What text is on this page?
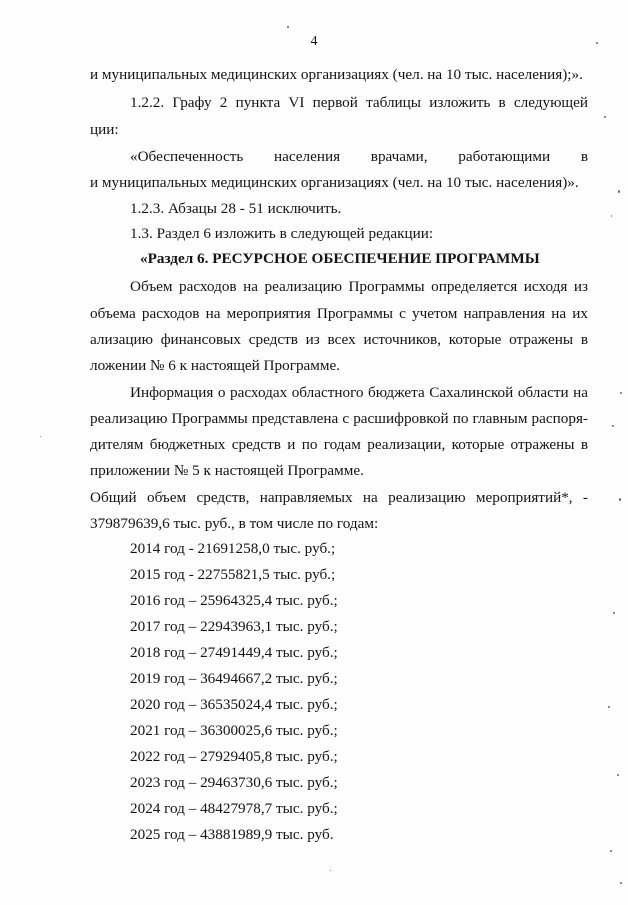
4
и муниципальных медицинских организациях (чел. на 10 тыс. населения);».
1.2.2. Графу 2 пункта VI первой таблицы изложить в следующей
ции:
«Обеспеченность населения врачами, работающими в
и муниципальных медицинских организациях (чел. на 10 тыс. населения)».
1.2.3. Абзацы 28 - 51 исключить.
1.3. Раздел 6 изложить в следующей редакции:
«Раздел 6. РЕСУРСНОЕ ОБЕСПЕЧЕНИЕ ПРОГРАММЫ
Объем расходов на реализацию Программы определяется исходя из
объема расходов на мероприятия Программы с учетом направления на их
ализацию финансовых средств из всех источников, которые отражены в
ложении № 6 к настоящей Программе.
Информация о расходах областного бюджета Сахалинской области на
реализацию Программы представлена с расшифровкой по главным распоря-
дителям бюджетных средств и по годам реализации, которые отражены в
приложении № 5 к настоящей Программе.
Общий объем средств, направляемых на реализацию мероприятий*, -
379879639,6 тыс. руб., в том числе по годам:
2014 год - 21691258,0 тыс. руб.;
2015 год - 22755821,5 тыс. руб.;
2016 год – 25964325,4 тыс. руб.;
2017 год – 22943963,1 тыс. руб.;
2018 год – 27491449,4 тыс. руб.;
2019 год – 36494667,2 тыс. руб.;
2020 год – 36535024,4 тыс. руб.;
2021 год – 36300025,6 тыс. руб.;
2022 год – 27929405,8 тыс. руб.;
2023 год – 29463730,6 тыс. руб.;
2024 год – 48427978,7 тыс. руб.;
2025 год – 43881989,9 тыс. руб.
